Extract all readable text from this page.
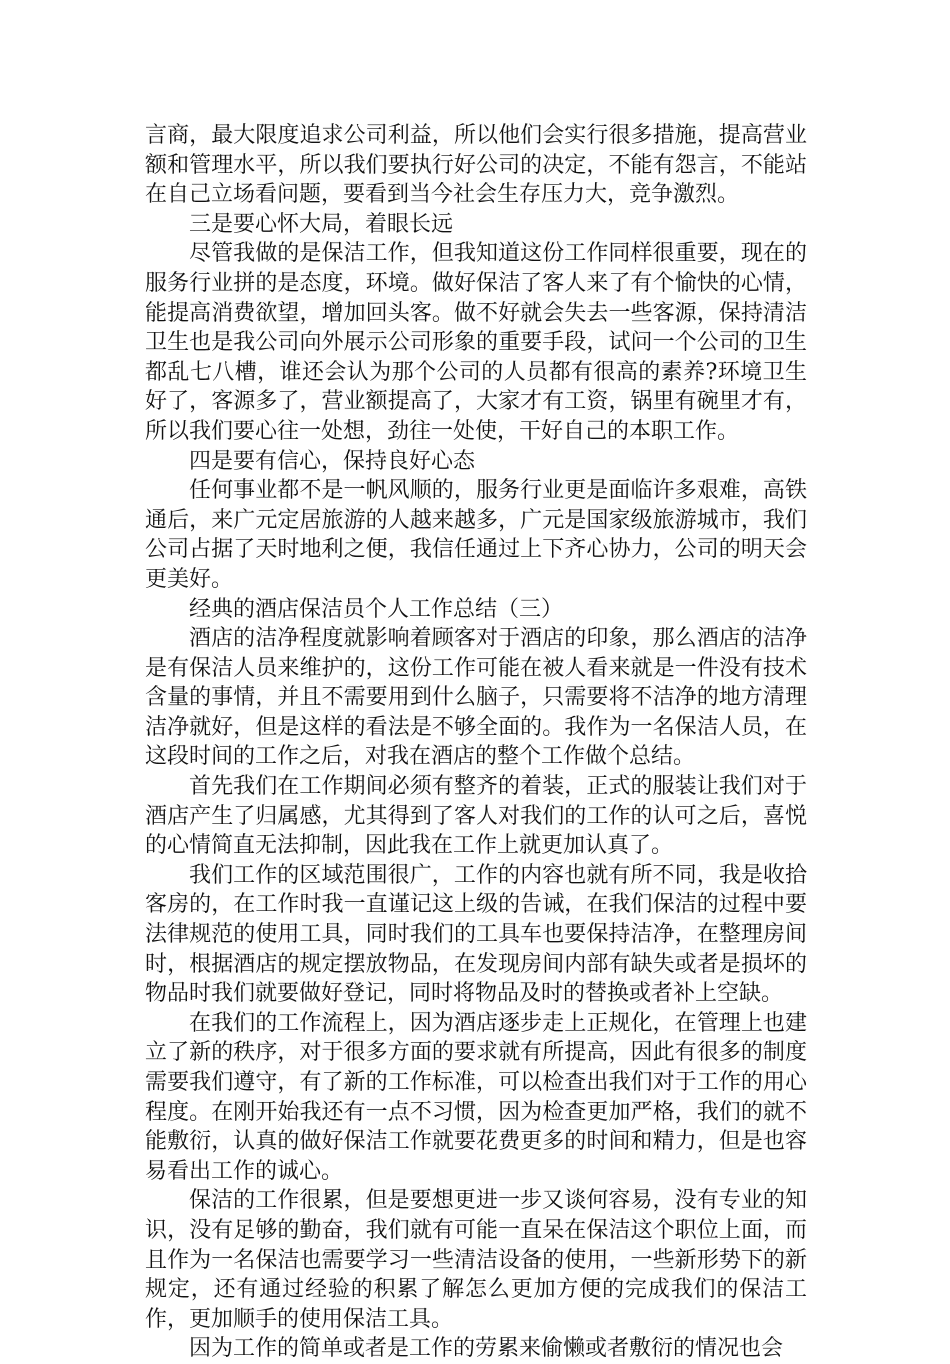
言商，最大限度追求公司利益，所以他们会实行很多措施，提高营业额和管理水平，所以我们要执行好公司的决定，不能有怨言，不能站在自己立场看问题，要看到当今社会生存压力大，竞争激烈。

三是要心怀大局，着眼长远

尽管我做的是保洁工作，但我知道这份工作同样很重要，现在的服务行业拼的是态度，环境。做好保洁了客人来了有个愉快的心情，能提高消费欲望，增加回头客。做不好就会失去一些客源，保持清洁卫生也是我公司向外展示公司形象的重要手段，试问一个公司的卫生都乱七八槽，谁还会认为那个公司的人员都有很高的素养?环境卫生好了，客源多了，营业额提高了，大家才有工资，锅里有碗里才有，所以我们要心往一处想，劲往一处使，干好自己的本职工作。

四是要有信心，保持良好心态

任何事业都不是一帆风顺的，服务行业更是面临许多艰难，高铁通后，来广元定居旅游的人越来越多，广元是国家级旅游城市，我们公司占据了天时地利之便，我信任通过上下齐心协力，公司的明天会更美好。

经典的酒店保洁员个人工作总结（三）

酒店的洁净程度就影响着顾客对于酒店的印象，那么酒店的洁净是有保洁人员来维护的，这份工作可能在被人看来就是一件没有技术含量的事情，并且不需要用到什么脑子，只需要将不洁净的地方清理洁净就好，但是这样的看法是不够全面的。我作为一名保洁人员，在这段时间的工作之后，对我在酒店的整个工作做个总结。

首先我们在工作期间必须有整齐的着装，正式的服装让我们对于酒店产生了归属感，尤其得到了客人对我们的工作的认可之后，喜悦的心情简直无法抑制，因此我在工作上就更加认真了。

我们工作的区域范围很广，工作的内容也就有所不同，我是收拾客房的，在工作时我一直谨记这上级的告诫，在我们保洁的过程中要法律规范的使用工具，同时我们的工具车也要保持洁净，在整理房间时，根据酒店的规定摆放物品，在发现房间内部有缺失或者是损坏的物品时我们就要做好登记，同时将物品及时的替换或者补上空缺。

在我们的工作流程上，因为酒店逐步走上正规化，在管理上也建立了新的秩序，对于很多方面的要求就有所提高，因此有很多的制度需要我们遵守，有了新的工作标准，可以检查出我们对于工作的用心程度。在刚开始我还有一点不习惯，因为检查更加严格，我们的就不能敷衍，认真的做好保洁工作就要花费更多的时间和精力，但是也容易看出工作的诚心。

保洁的工作很累，但是要想更进一步又谈何容易，没有专业的知识，没有足够的勤奋，我们就有可能一直呆在保洁这个职位上面，而且作为一名保洁也需要学习一些清洁设备的使用，一些新形势下的新规定，还有通过经验的积累了解怎么更加方便的完成我们的保洁工作，更加顺手的使用保洁工具。

因为工作的简单或者是工作的劳累来偷懒或者敷衍的情况也会
